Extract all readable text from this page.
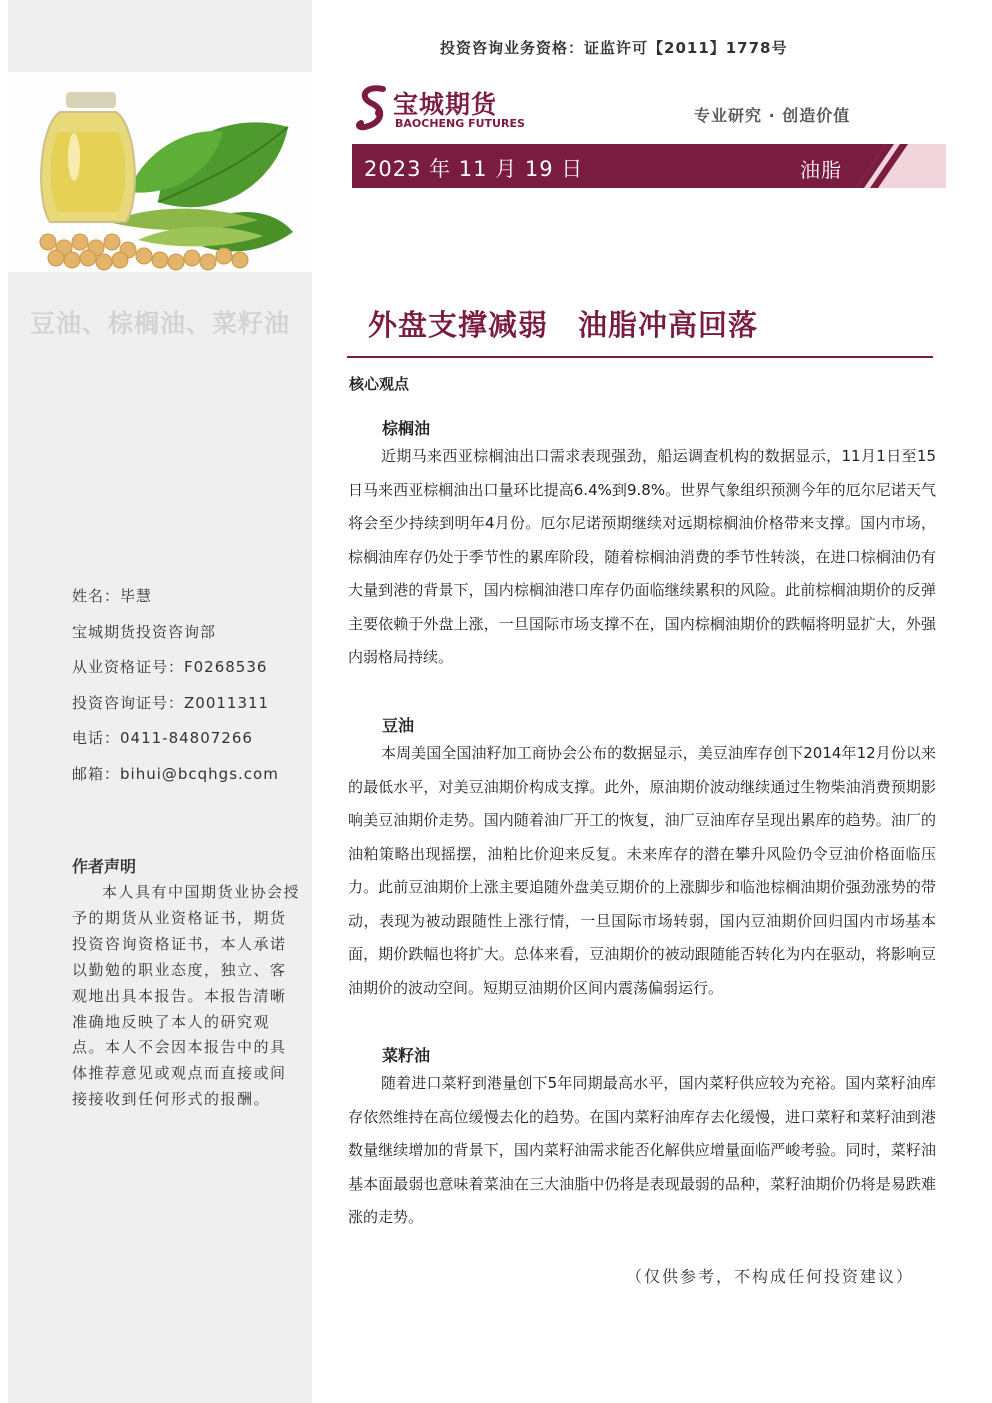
豆油、棕榈油、菜籽油
姓名：毕慧
宝城期货投资咨询部
从业资格证号：F0268536
投资咨询证号：Z0011311
电话：0411-84807266
邮箱：bihui@bcqhgs.com
作者声明
本人具有中国期货业协会授予的期货从业资格证书，期货投资咨询资格证书，本人承诺以勤勉的职业态度，独立、客观地出具本报告。本报告清晰准确地反映了本人的研究观点。本人不会因本报告中的具体推荐意见或观点而直接或间接接收到任何形式的报酬。
投资咨询业务资格：证监许可【2011】1778号
宝城期货
BAOCHENG FUTURES	专业研究 · 创造价值
2023 年 11 月 19 日	油脂
外盘支撑减弱　油脂冲高回落
核心观点
棕榈油
近期马来西亚棕榈油出口需求表现强劲，船运调查机构的数据显示，11月1日至15日马来西亚棕榈油出口量环比提高6.4%到9.8%。世界气象组织预测今年的厄尔尼诺天气将会至少持续到明年4月份。厄尔尼诺预期继续对远期棕榈油价格带来支撑。国内市场，棕榈油库存仍处于季节性的累库阶段，随着棕榈油消费的季节性转淡，在进口棕榈油仍有大量到港的背景下，国内棕榈油港口库存仍面临继续累积的风险。此前棕榈油期价的反弹主要依赖于外盘上涨，一旦国际市场支撑不在，国内棕榈油期价的跌幅将明显扩大，外强内弱格局持续。
豆油
本周美国全国油籽加工商协会公布的数据显示，美豆油库存创下2014年12月份以来的最低水平，对美豆油期价构成支撑。此外，原油期价波动继续通过生物柴油消费预期影响美豆油期价走势。国内随着油厂开工的恢复，油厂豆油库存呈现出累库的趋势。油厂的油粕策略出现摇摆，油粕比价迎来反复。未来库存的潜在攀升风险仍令豆油价格面临压力。此前豆油期价上涨主要追随外盘美豆期价的上涨脚步和临池棕榈油期价强劲涨势的带动，表现为被动跟随性上涨行情，一旦国际市场转弱，国内豆油期价回归国内市场基本面，期价跌幅也将扩大。总体来看，豆油期价的被动跟随能否转化为内在驱动，将影响豆油期价的波动空间。短期豆油期价区间内震荡偏弱运行。
菜籽油
随着进口菜籽到港量创下5年同期最高水平，国内菜籽供应较为充裕。国内菜籽油库存依然维持在高位缓慢去化的趋势。在国内菜籽油库存去化缓慢，进口菜籽和菜籽油到港数量继续增加的背景下，国内菜籽油需求能否化解供应增量面临严峻考验。同时，菜籽油基本面最弱也意味着菜油在三大油脂中仍将是表现最弱的品种，菜籽油期价仍将是易跌难涨的走势。
（仅供参考，不构成任何投资建议）
